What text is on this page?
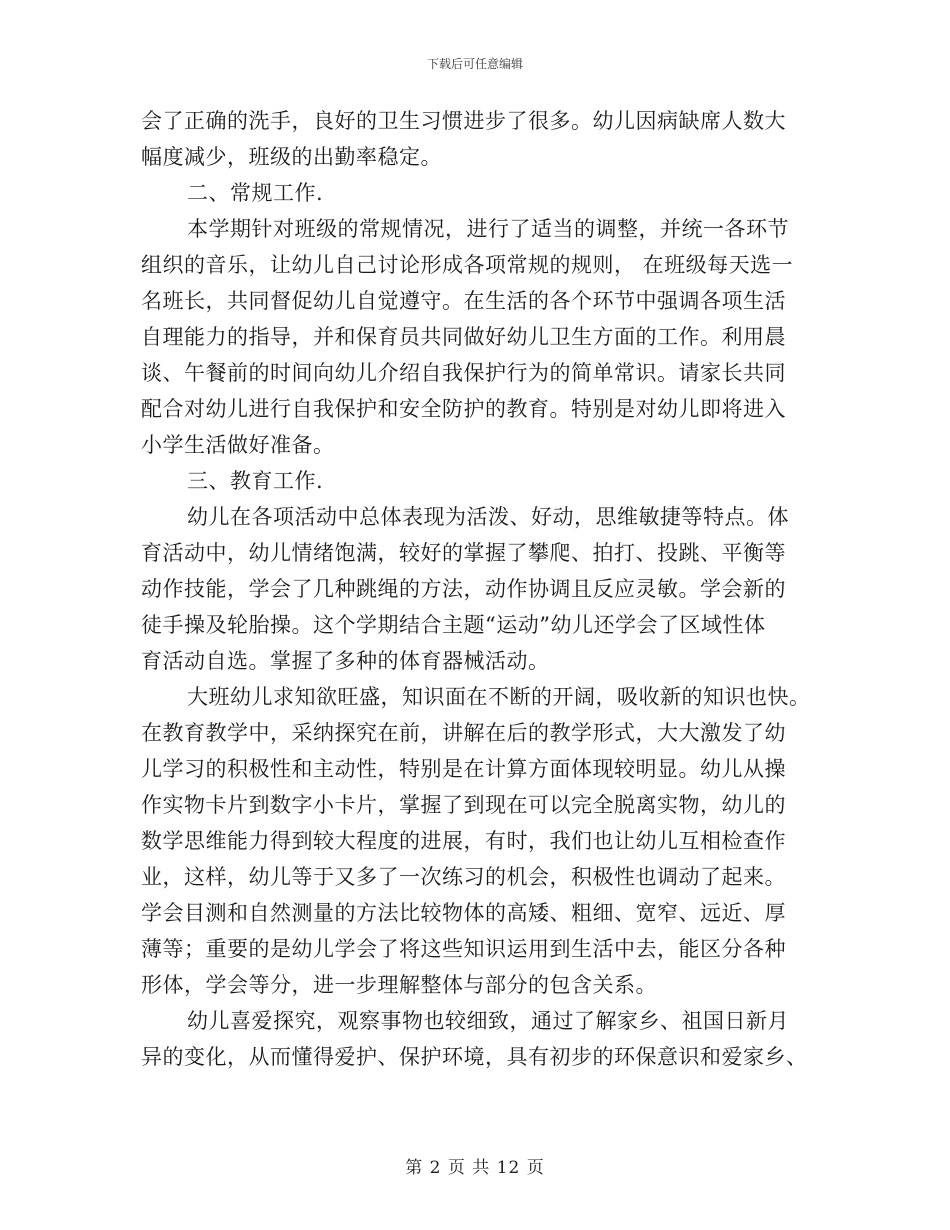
下载后可任意编辑
会了正确的洗手，良好的卫生习惯进步了很多。幼儿因病缺席人数大
幅度减少，班级的出勤率稳定。
二、常规工作.
本学期针对班级的常规情况，进行了适当的调整，并统一各环节
组织的音乐，让幼儿自己讨论形成各项常规的规则， 在班级每天选一
名班长，共同督促幼儿自觉遵守。在生活的各个环节中强调各项生活
自理能力的指导，并和保育员共同做好幼儿卫生方面的工作。利用晨
谈、午餐前的时间向幼儿介绍自我保护行为的简单常识。请家长共同
配合对幼儿进行自我保护和安全防护的教育。特别是对幼儿即将进入
小学生活做好准备。
三、教育工作.
幼儿在各项活动中总体表现为活泼、好动，思维敏捷等特点。体
育活动中，幼儿情绪饱满，较好的掌握了攀爬、拍打、投跳、平衡等
动作技能，学会了几种跳绳的方法，动作协调且反应灵敏。学会新的
徒手操及轮胎操。这个学期结合主题“运动”幼儿还学会了区域性体
育活动自选。掌握了多种的体育器械活动。
大班幼儿求知欲旺盛，知识面在不断的开阔，吸收新的知识也快。
在教育教学中，采纳探究在前，讲解在后的教学形式，大大激发了幼
儿学习的积极性和主动性，特别是在计算方面体现较明显。幼儿从操
作实物卡片到数字小卡片，掌握了到现在可以完全脱离实物，幼儿的
数学思维能力得到较大程度的进展，有时，我们也让幼儿互相检查作
业，这样，幼儿等于又多了一次练习的机会，积极性也调动了起来。
学会目测和自然测量的方法比较物体的高矮、粗细、宽窄、远近、厚
薄等；重要的是幼儿学会了将这些知识运用到生活中去，能区分各种
形体，学会等分，进一步理解整体与部分的包含关系。
幼儿喜爱探究，观察事物也较细致，通过了解家乡、祖国日新月
异的变化，从而懂得爱护、保护环境，具有初步的环保意识和爱家乡、
第 2 页 共 12 页
